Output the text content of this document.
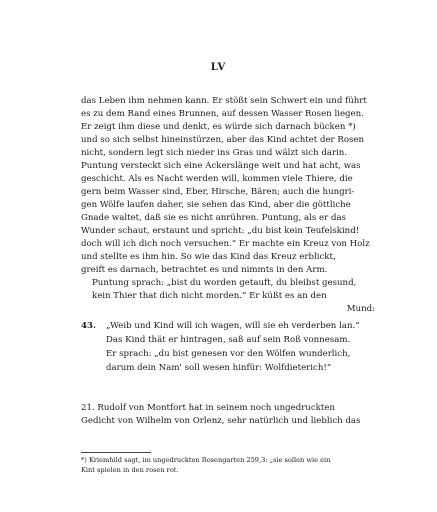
LV
das Leben ihm nehmen kann. Er stößt sein Schwert ein und führt
es zu dem Rand eines Brunnen, auf dessen Wasser Rosen liegen.
Er zeigt ihm diese und denkt, es würde sich darnach bücken *)
und so sich selbst hineinstürzen, aber das Kind achtet der Rosen
nicht, sondern legt sich nieder ins Gras und wälzt sich darin.
Puntung versteckt sich eine Ackerslänge weit und hat acht, was
geschicht. Als es Nacht werden will, kommen viele Thiere, die
gern beim Wasser sind, Eber, Hirsche, Bären; auch die hungri-
gen Wölfe laufen daher, sie sehen das Kind, aber die göttliche
Gnade waltet, daß sie es nicht anrühren. Puntung, als er das
Wunder schaut, erstaunt und spricht: „du bist kein Teufelskind!
doch will ich dich noch versuchen.“ Er machte ein Kreuz von Holz
und stellte es ihm hin. So wie das Kind das Kreuz erblickt,
greift es darnach, betrachtet es und nimmts in den Arm.
Puntung sprach: „bist du worden getauft, du bleibst gesund,
kein Thier that dich nicht morden.“ Er küßt es an den
Mund:
43. „Weib und Kind will ich wagen, will sie eh verderben lan.“
Das Kind thät er hintragen, saß auf sein Roß vonnesam.
Er sprach: „du bist genesen vor den Wölfen wunderlich,
darum dein Nam' soll wesen hinfür: Wolfdieterich!“
21. Rudolf von Montfort hat in seinem noch ungedruckten
Gedicht von Wilhelm von Orlenz, sehr natürlich und lieblich das
*) Kriemhild sagt, im ungedruckten Rosengarten 259,3: „sie sollen wie ein
Kint spielen in den rosen rot.
